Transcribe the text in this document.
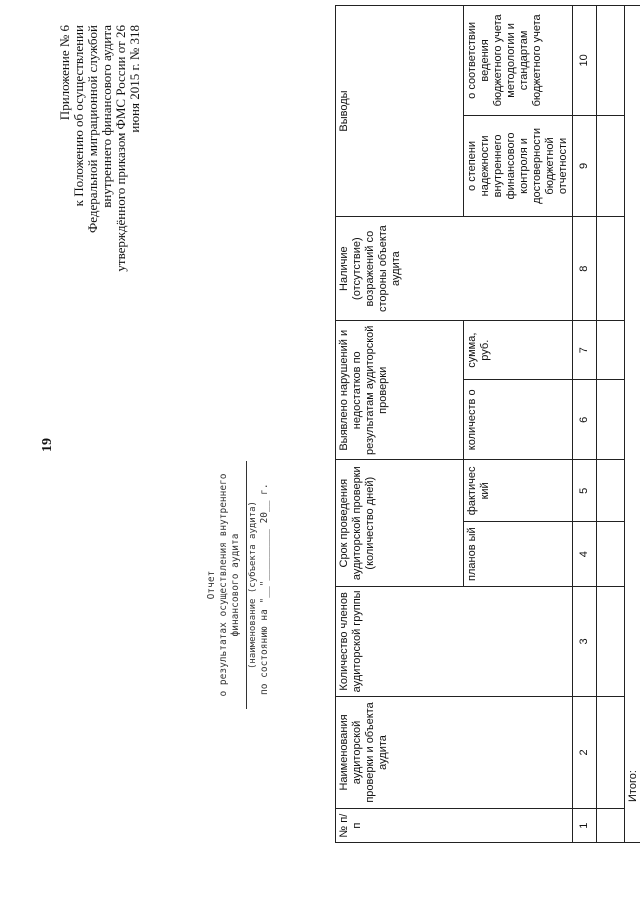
19
Приложение № 6 к Положению об осуществлении Федеральной миграционной службой внутреннего финансового аудита утверждённого приказом ФМС России от 26 июня 2015 г. № 318
Отчет о результатах осуществления внутреннего финансового аудита (наименование (субъекта аудита) по состоянию на "__"_________ 20__ г.
№ п/п	Наименования аудиторской проверки и объекта аудита	Количество членов аудиторской группы	Срок проведения аудиторской проверки (количество дней)		Выявлено нарушений и недостатков по результатам аудиторской проверки		Наличие (отсутствие) возражений со стороны объекта аудита	Выводы	
			планов ый	фактичес кий	количеств о	сумма, руб.		о степени надежности внутреннего финансового контроля и достоверности бюджетной отчетности	о соответствии ведения бюджетного учета методологии и стандартам бюджетного учета
1	2	3	4	5	6	7	8	9	10

Итого:									
